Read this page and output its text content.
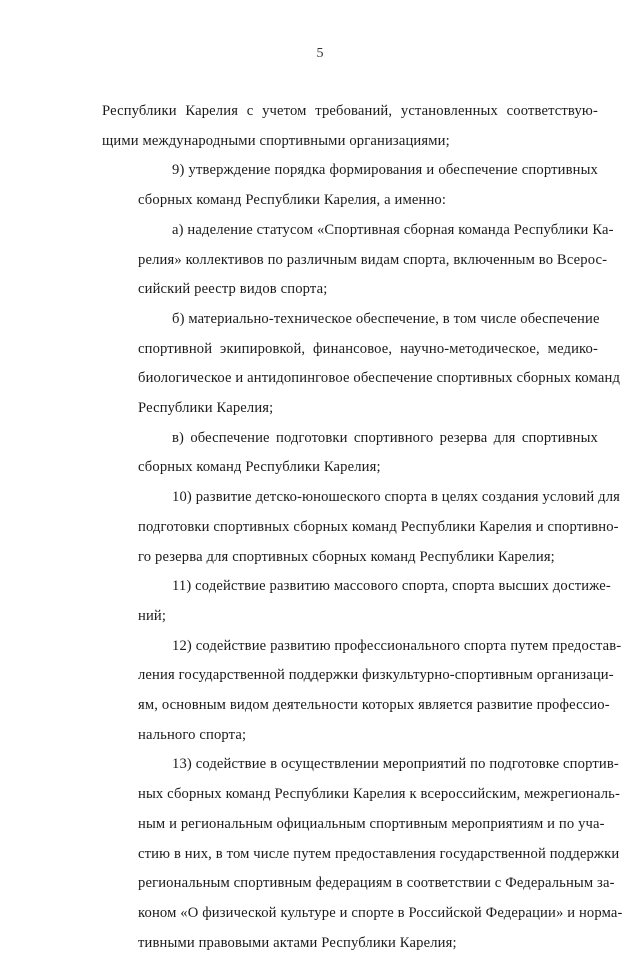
5
Республики Карелия с учетом требований, установленных соответствую-
щими международными спортивными организациями;
9) утверждение порядка формирования и обеспечение спортивных
сборных команд Республики Карелия, а именно:
а) наделение статусом «Спортивная сборная команда Республики Ка-
релия» коллективов по различным видам спорта, включенным во Всерос-
сийский реестр видов спорта;
б) материально-техническое обеспечение, в том числе обеспечение
спортивной экипировкой, финансовое, научно-методическое, медико-
биологическое и антидопинговое обеспечение спортивных сборных команд
Республики Карелия;
в) обеспечение подготовки спортивного резерва для спортивных
сборных команд Республики Карелия;
10) развитие детско-юношеского спорта в целях создания условий для
подготовки спортивных сборных команд Республики Карелия и спортивно-
го резерва для спортивных сборных команд Республики Карелия;
11) содействие развитию массового спорта, спорта высших достиже-
ний;
12) содействие развитию профессионального спорта путем предостав-
ления государственной поддержки физкультурно-спортивным организаци-
ям, основным видом деятельности которых является развитие профессио-
нального спорта;
13) содействие в осуществлении мероприятий по подготовке спортив-
ных сборных команд Республики Карелия к всероссийским, межрегиональ-
ным и региональным официальным спортивным мероприятиям и по уча-
стию в них, в том числе путем предоставления государственной поддержки
региональным спортивным федерациям в соответствии с Федеральным за-
коном «О физической культуре и спорте в Российской Федерации» и норма-
тивными правовыми актами Республики Карелия;
